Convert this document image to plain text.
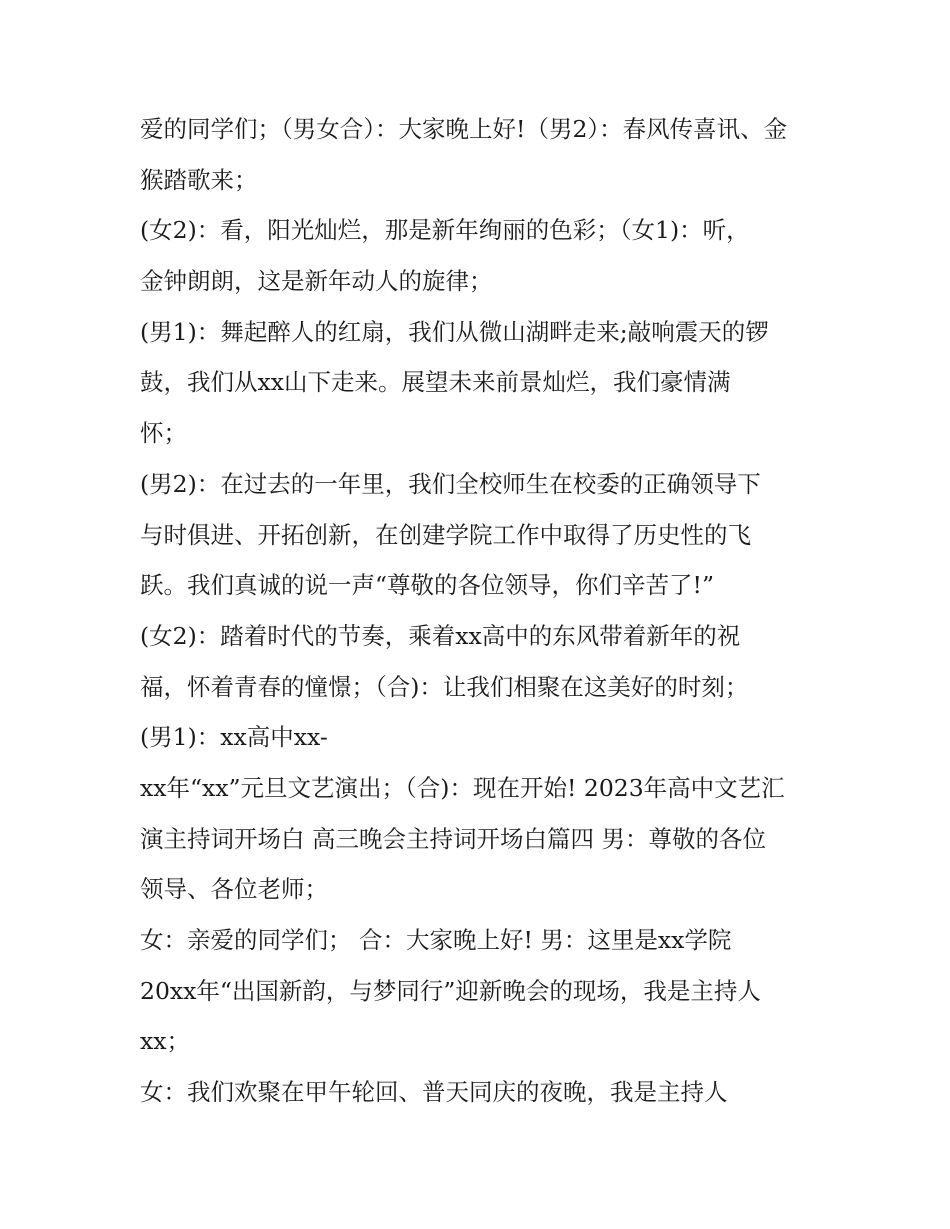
爱的同学们；（男女合）：大家晚上好!（男2）：春风传喜讯、金
猴踏歌来；
(女2)：看，阳光灿烂，那是新年绚丽的色彩；（女1)：听，
金钟朗朗，这是新年动人的旋律；
(男1)：舞起醉人的红扇，我们从微山湖畔走来;敲响震天的锣
鼓，我们从xx山下走来。展望未来前景灿烂，我们豪情满
怀；
(男2)：在过去的一年里，我们全校师生在校委的正确领导下
与时俱进、开拓创新，在创建学院工作中取得了历史性的飞
跃。我们真诚的说一声“尊敬的各位领导，你们辛苦了!”
(女2)：踏着时代的节奏，乘着xx高中的东风带着新年的祝
福，怀着青春的憧憬；（合)：让我们相聚在这美好的时刻；
(男1)：xx高中xx-
xx年“xx”元旦文艺演出；（合)：现在开始! 2023年高中文艺汇
演主持词开场白 高三晚会主持词开场白篇四 男：尊敬的各位
领导、各位老师；
女：亲爱的同学们； 合：大家晚上好! 男：这里是xx学院
20xx年“出国新韵，与梦同行”迎新晚会的现场，我是主持人
xx；
女：我们欢聚在甲午轮回、普天同庆的夜晚，我是主持人
